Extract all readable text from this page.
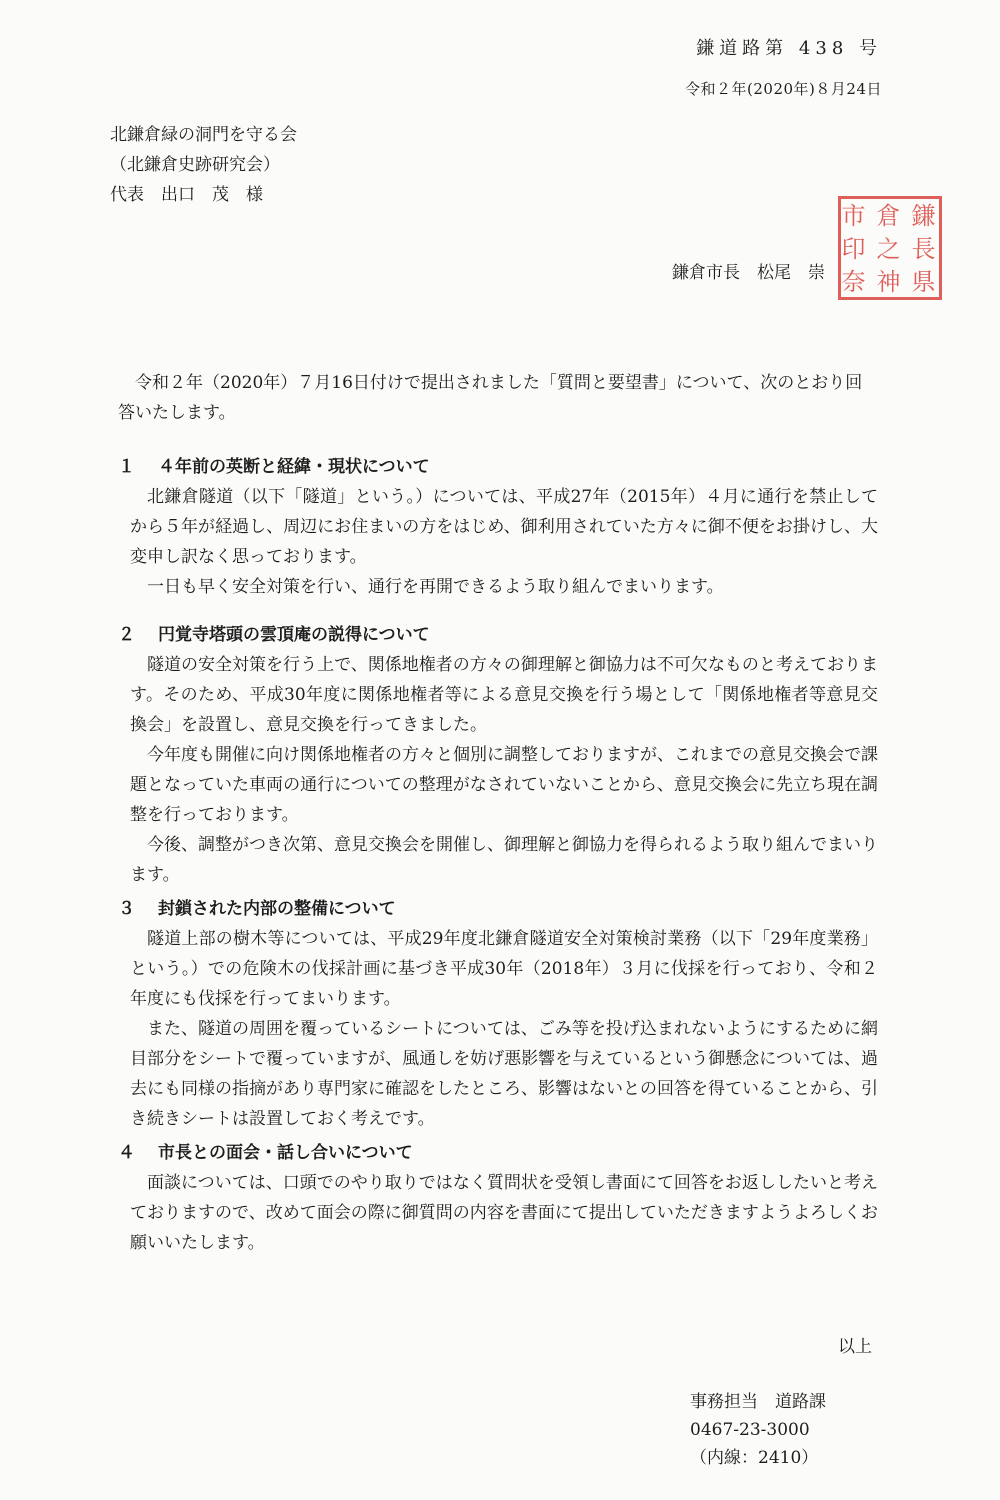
鎌道路第 438 号
令和２年(2020年)８月24日
北鎌倉緑の洞門を守る会
（北鎌倉史跡研究会）
代表　出口　茂　様
鎌倉市長　松尾　崇
鎌
倉
市
長
之
印
県
神
奈
令和２年（2020年）７月16日付けで提出されました「質問と要望書」について、次のとおり回答いたします。
１ ４年前の英断と経緯・現状について
北鎌倉隧道（以下「隧道」という。）については、平成27年（2015年）４月に通行を禁止してから５年が経過し、周辺にお住まいの方をはじめ、御利用されていた方々に御不便をお掛けし、大変申し訳なく思っております。
一日も早く安全対策を行い、通行を再開できるよう取り組んでまいります。
２ 円覚寺塔頭の雲頂庵の説得について
隧道の安全対策を行う上で、関係地権者の方々の御理解と御協力は不可欠なものと考えております。そのため、平成30年度に関係地権者等による意見交換を行う場として「関係地権者等意見交換会」を設置し、意見交換を行ってきました。
今年度も開催に向け関係地権者の方々と個別に調整しておりますが、これまでの意見交換会で課題となっていた車両の通行についての整理がなされていないことから、意見交換会に先立ち現在調整を行っております。
今後、調整がつき次第、意見交換会を開催し、御理解と御協力を得られるよう取り組んでまいります。
３ 封鎖された内部の整備について
隧道上部の樹木等については、平成29年度北鎌倉隧道安全対策検討業務（以下「29年度業務」という。）での危険木の伐採計画に基づき平成30年（2018年）３月に伐採を行っており、令和２年度にも伐採を行ってまいります。
また、隧道の周囲を覆っているシートについては、ごみ等を投げ込まれないようにするために網目部分をシートで覆っていますが、風通しを妨げ悪影響を与えているという御懸念については、過去にも同様の指摘があり専門家に確認をしたところ、影響はないとの回答を得ていることから、引き続きシートは設置しておく考えです。
４ 市長との面会・話し合いについて
面談については、口頭でのやり取りではなく質問状を受領し書面にて回答をお返ししたいと考えておりますので、改めて面会の際に御質問の内容を書面にて提出していただきますようよろしくお願いいたします。
以上
事務担当　道路課
0467-23-3000
（内線：2410）
